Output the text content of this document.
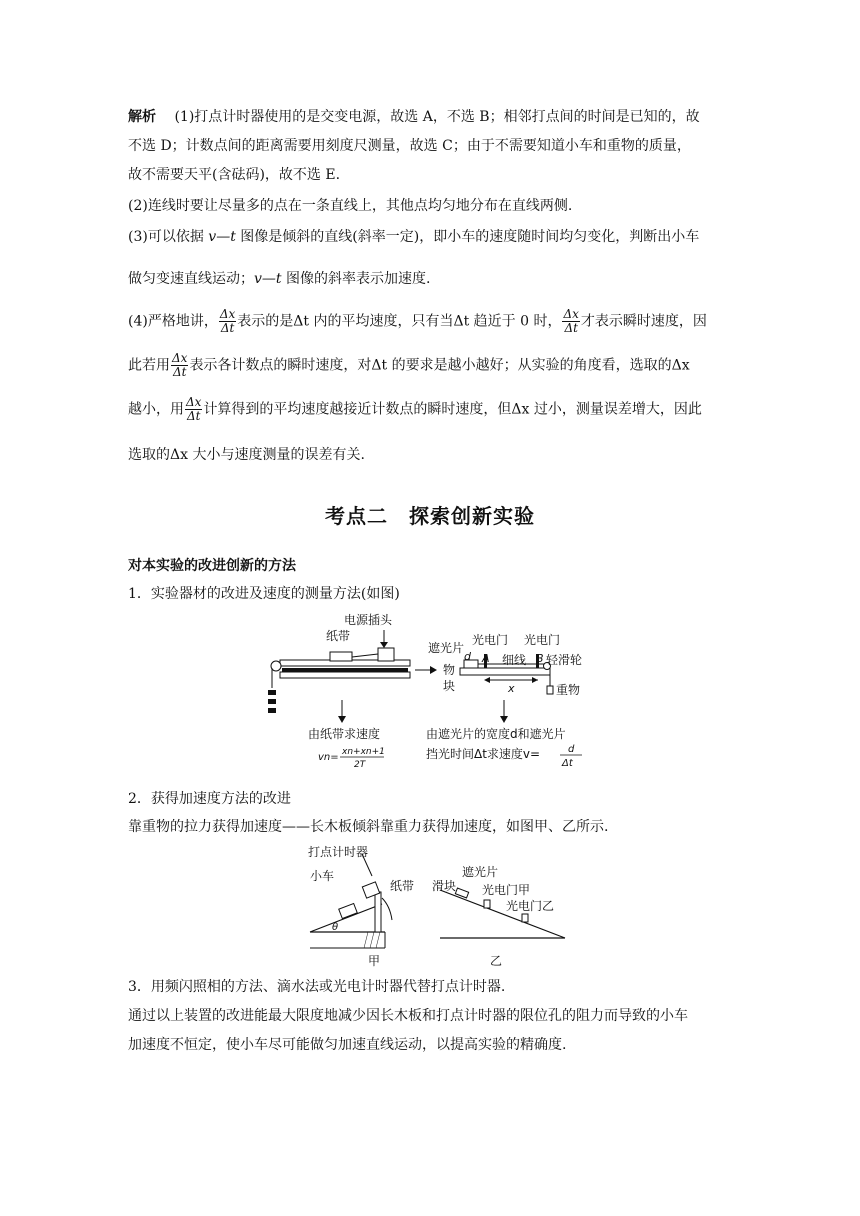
解析 (1)打点计时器使用的是交变电源，故选 A，不选 B；相邻打点间的时间是已知的，故
不选 D；计数点间的距离需要用刻度尺测量，故选 C；由于不需要知道小车和重物的质量，
故不需要天平(含砝码)，故不选 E.
(2)连线时要让尽量多的点在一条直线上，其他点均匀地分布在直线两侧.
(3)可以依据 v—t 图像是倾斜的直线(斜率一定)，即小车的速度随时间均匀变化，判断出小车
做匀变速直线运动；v—t 图像的斜率表示加速度.
(4)严格地讲， $\frac{\Delta x}{\Delta t}$ 表示的是Δt 内的平均速度，只有当Δt 趋近于 0 时， $\frac{\Delta x}{\Delta t}$ 才表示瞬时速度，因
此若用 $\frac{\Delta x}{\Delta t}$ 表示各计数点的瞬时速度，对Δt 的要求是越小越好；从实验的角度看，选取的Δx
越小，用 $\frac{\Delta x}{\Delta t}$ 计算得到的平均速度越接近计数点的瞬时速度，但Δx 过小，测量误差增大，因此
选取的Δx 大小与速度测量的误差有关.
考点二　探索创新实验
对本实验的改进创新的方法
1．实验器材的改进及速度的测量方法(如图)
电源插头
纸带
遮光片
光电门 光电门
d A 细线 B 轻滑轮
物
块	x	重物
由纸带求速度
vn= xn+xn+1
2T
由遮光片的宽度d和遮光片
挡光时间Δt求速度v=	d
Δt
2．获得加速度方法的改进
靠重物的拉力获得加速度——长木板倾斜靠重力获得加速度，如图甲、乙所示.
打点计时器
小车
纸带
θ
遮光片
滑块 光电门甲
光电门乙
甲	乙
3．用频闪照相的方法、滴水法或光电计时器代替打点计时器.
通过以上装置的改进能最大限度地减少因长木板和打点计时器的限位孔的阻力而导致的小车
加速度不恒定，使小车尽可能做匀加速直线运动，以提高实验的精确度.
